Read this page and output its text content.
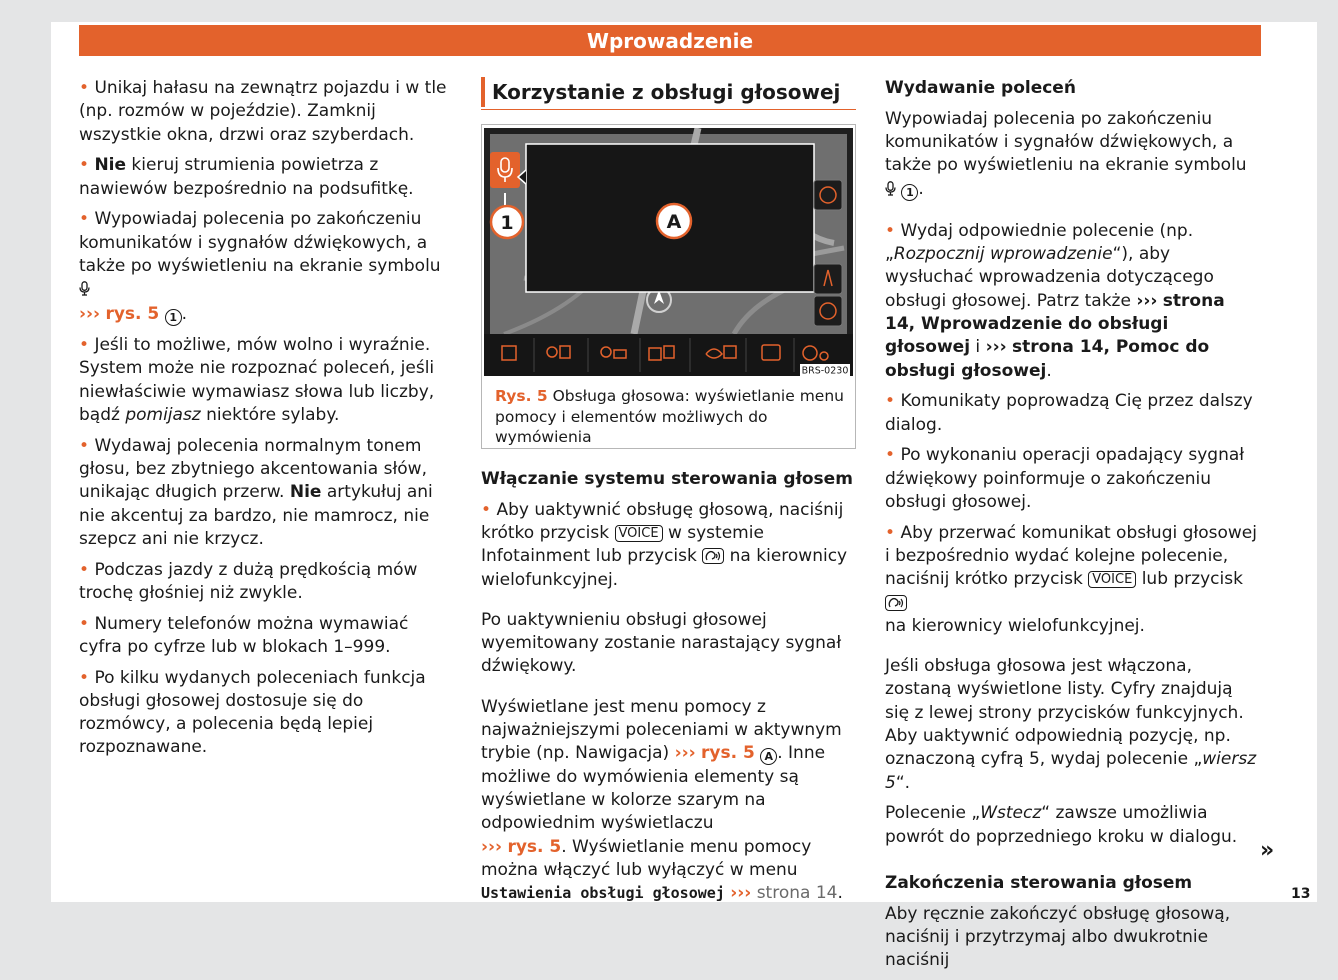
Wprowadzenie

• Unikaj hałasu na zewnątrz pojazdu i w tle (np. rozmów w pojeździe). Zamknij wszystkie okna, drzwi oraz szyberdach.

• Nie kieruj strumienia powietrza z nawiewów bezpośrednio na podsufitkę.

• Wypowiadaj polecenia po zakończeniu komunikatów i sygnałów dźwiękowych, a także po wyświetleniu na ekranie symbolu
››› rys. 5 1 .

• Jeśli to możliwe, mów wolno i wyraźnie. System może nie rozpoznać poleceń, jeśli niewłaściwie wymawiasz słowa lub liczby, bądź pomijasz niektóre sylaby.

• Wydawaj polecenia normalnym tonem głosu, bez zbytniego akcentowania słów, unikając długich przerw. Nie artykułuj ani nie akcentuj za bardzo, nie mamrocz, nie szepcz ani nie krzycz.

• Podczas jazdy z dużą prędkością mów trochę głośniej niż zwykle.

• Numery telefonów można wymawiać cyfra po cyfrze lub w blokach 1–999.

• Po kilku wydanych poleceniach funkcja obsługi głosowej dostosuje się do rozmówcy, a polecenia będą lepiej rozpoznawane.

Korzystanie z obsługi głosowej
1	A
BRS-0230
Rys. 5 Obsługa głosowa: wyświetlanie menu pomocy i elementów możliwych do wymówienia

Włączanie systemu sterowania głosem

• Aby uaktywnić obsługę głosową, naciśnij krótko przycisk VOICE w systemie Infotainment lub przycisk
na kierownicy wielofunkcyjnej.

Po uaktywnieniu obsługi głosowej wyemitowany zostanie narastający sygnał dźwiękowy.

Wyświetlane jest menu pomocy z najważniejszymi poleceniami w aktywnym trybie (np. Nawigacja) ››› rys. 5 A . Inne możliwe do wymówienia elementy są wyświetlane w kolorze szarym na odpowiednim wyświetlaczu
››› rys. 5. Wyświetlanie menu pomocy można włączyć lub wyłączyć w menu Ustawienia obsługi głosowej ››› strona 14.

Wydawanie poleceń

Wypowiadaj polecenia po zakończeniu komunikatów i sygnałów dźwiękowych, a także po wyświetleniu na ekranie symbolu  1 .

• Wydaj odpowiednie polecenie (np. „Rozpocznij wprowadzenie“), aby wysłuchać wprowadzenia dotyczącego obsługi głosowej. Patrz także ››› strona 14, Wprowadzenie do obsługi głosowej i ››› strona 14, Pomoc do obsługi głosowej.

• Komunikaty poprowadzą Cię przez dalszy dialog.

• Po wykonaniu operacji opadający sygnał dźwiękowy poinformuje o zakończeniu obsługi głosowej.

• Aby przerwać komunikat obsługi głosowej i bezpośrednio wydać kolejne polecenie, naciśnij krótko przycisk VOICE lub przycisk

na kierownicy wielofunkcyjnej.

Jeśli obsługa głosowa jest włączona, zostaną wyświetlone listy. Cyfry znajdują się z lewej strony przycisków funkcyjnych. Aby uaktywnić odpowiednią pozycję, np. oznaczoną cyfrą 5, wydaj polecenie „wiersz 5“.

Polecenie „Wstecz“ zawsze umożliwia powrót do poprzedniego kroku w dialogu.

Zakończenia sterowania głosem

Aby ręcznie zakończyć obsługę głosową, naciśnij i przytrzymaj albo dwukrotnie naciśnij

»
13
